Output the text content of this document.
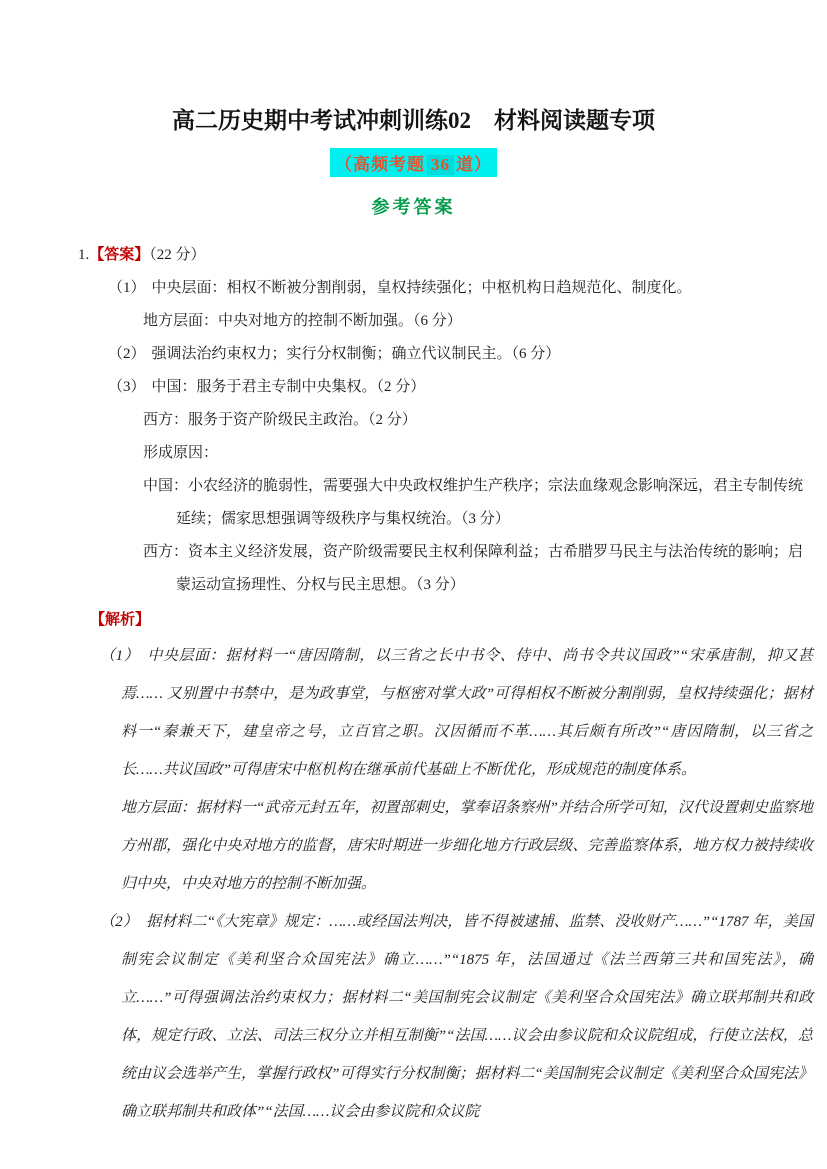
高二历史期中考试冲刺训练02　材料阅读题专项
（高频考题 36 道）
参考答案
1.【答案】（22 分）
（1） 中央层面：相权不断被分割削弱，皇权持续强化；中枢机构日趋规范化、制度化。
地方层面：中央对地方的控制不断加强。（6 分）
（2） 强调法治约束权力；实行分权制衡；确立代议制民主。（6 分）
（3） 中国：服务于君主专制中央集权。（2 分）
西方：服务于资产阶级民主政治。（2 分）
形成原因：
中国：小农经济的脆弱性，需要强大中央政权维护生产秩序；宗法血缘观念影响深远，君主专制传统延续；儒家思想强调等级秩序与集权统治。（3 分）
西方：资本主义经济发展，资产阶级需要民主权利保障利益；古希腊罗马民主与法治传统的影响；启蒙运动宣扬理性、分权与民主思想。（3 分）
【解析】
（1） 中央层面：据材料一“唐因隋制，以三省之长中书令、侍中、尚书令共议国政”“宋承唐制，抑又甚焉…… 又别置中书禁中，是为政事堂，与枢密对掌大政”可得相权不断被分割削弱，皇权持续强化；据材料一“秦兼天下，建皇帝之号，立百官之职。汉因循而不革……其后颇有所改”“唐因隋制，以三省之长……共议国政”可得唐宋中枢机构在继承前代基础上不断优化，形成规范的制度体系。
地方层面：据材料一“武帝元封五年，初置部刺史，掌奉诏条察州”并结合所学可知，汉代设置刺史监察地方州郡，强化中央对地方的监督，唐宋时期进一步细化地方行政层级、完善监察体系，地方权力被持续收归中央，中央对地方的控制不断加强。
（2） 据材料二“《大宪章》规定：……或经国法判决，皆不得被逮捕、监禁、没收财产……”“1787 年，美国制宪会议制定《美利坚合众国宪法》确立……”“1875 年，法国通过《法兰西第三共和国宪法》，确立……”可得强调法治约束权力；据材料二“美国制宪会议制定《美利坚合众国宪法》确立联邦制共和政体，规定行政、立法、司法三权分立并相互制衡”“法国……议会由参议院和众议院组成，行使立法权，总统由议会选举产生，掌握行政权”可得实行分权制衡；据材料二“美国制宪会议制定《美利坚合众国宪法》确立联邦制共和政体”“法国……议会由参议院和众议院
